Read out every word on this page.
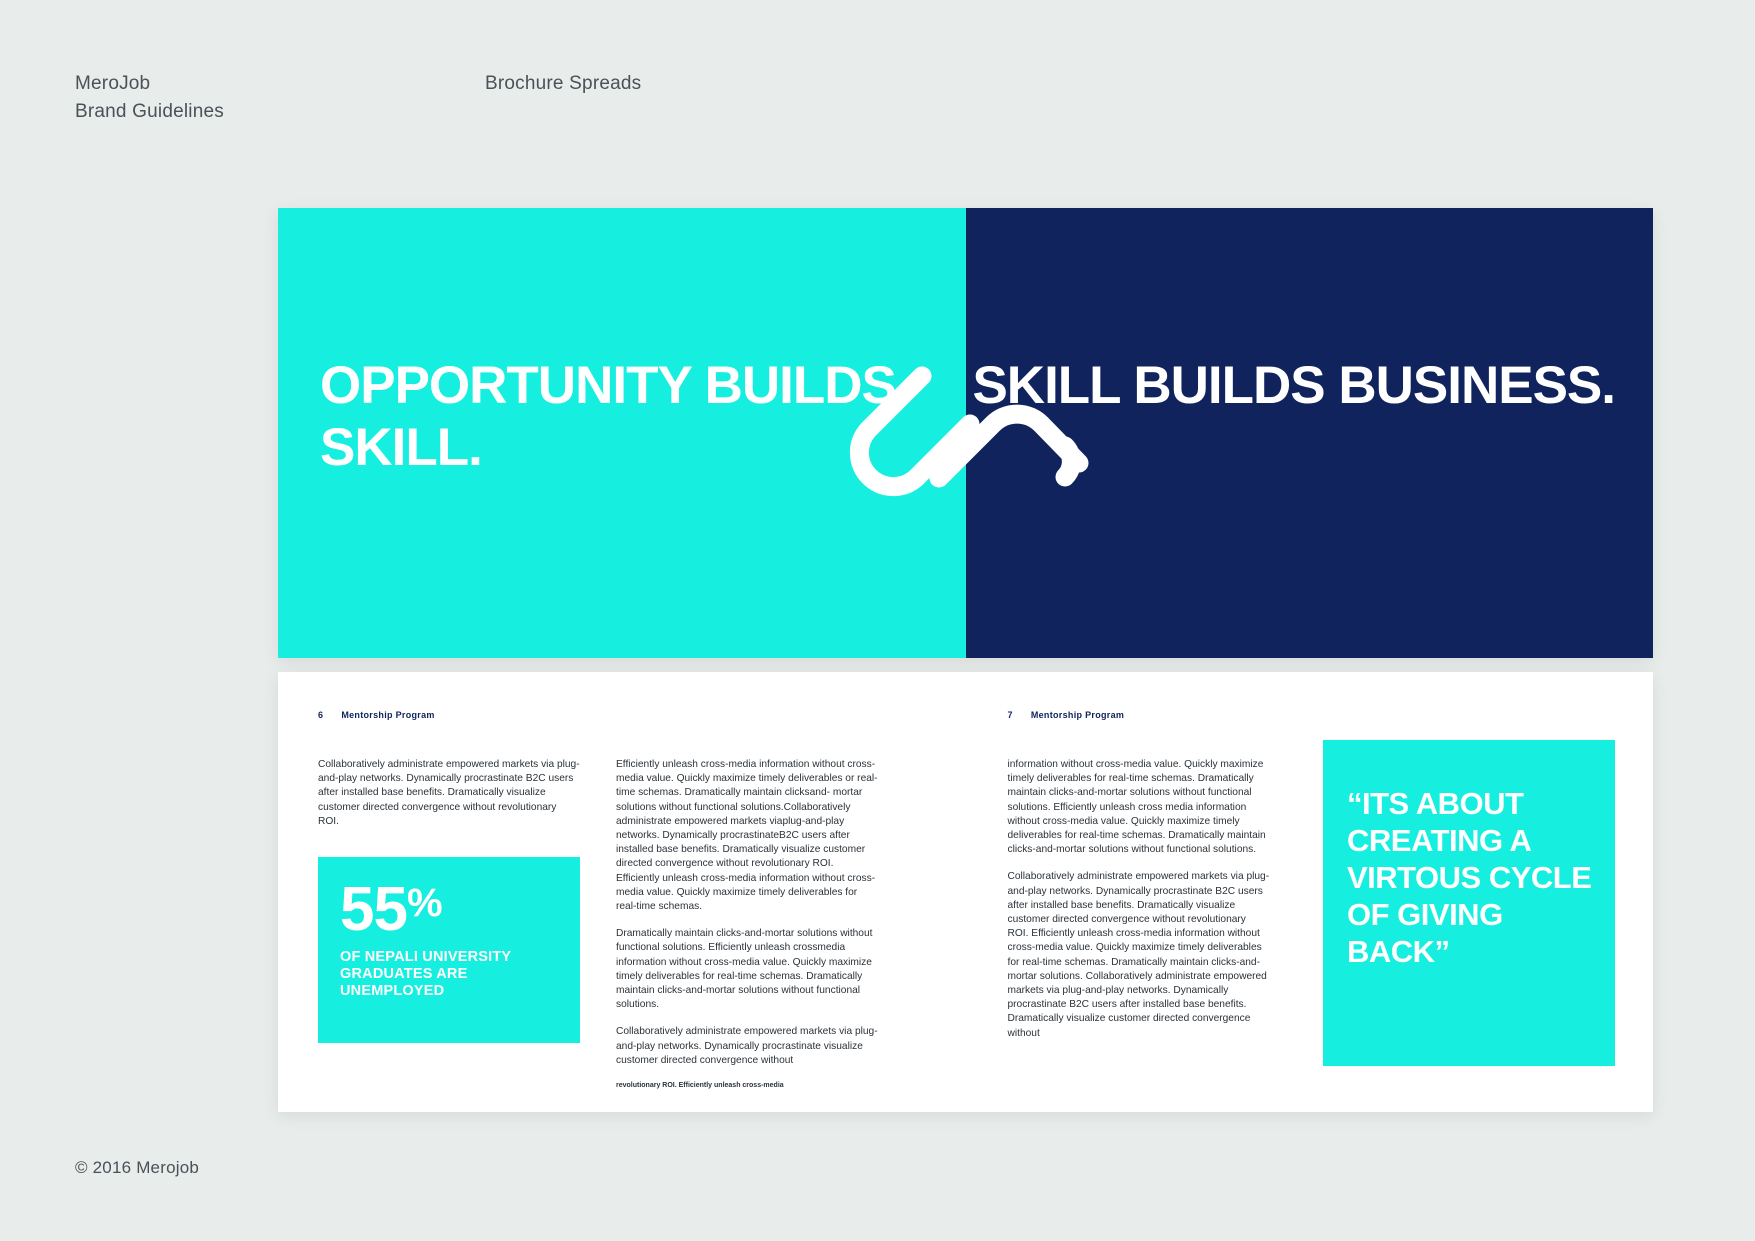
MeroJob
Brand Guidelines
Brochure Spreads
OPPORTUNITY BUILDS SKILL.
SKILL BUILDS BUSINESS.
6 Mentorship Program

Collaboratively administrate empowered markets via plug-and-play networks. Dynamically procrastinate B2C users after installed base benefits. Dramatically visualize customer directed convergence without revolutionary ROI.

55%
OF NEPALI UNIVERSITY GRADUATES ARE UNEMPLOYED

Efficiently unleash cross-media information without cross-media value. Quickly maximize timely deliverables or real-time schemas. Dramatically maintain clicksand- mortar solutions without functional solutions.Collaboratively administrate empowered markets viaplug-and-play networks. Dynamically procrastinateB2C users after installed base benefits. Dramatically visualize customer directed convergence without revolutionary ROI. Efficiently unleash cross-media information without cross-media value. Quickly maximize timely deliverables for real-time schemas.

Dramatically maintain clicks-and-mortar solutions without functional solutions. Efficiently unleash crossmedia information without cross-media value. Quickly maximize timely deliverables for real-time schemas. Dramatically maintain clicks-and-mortar solutions without functional solutions.

Collaboratively administrate empowered markets via plug-and-play networks. Dynamically procrastinate visualize customer directed convergence without

revolutionary ROI. Efficiently unleash cross-media
7 Mentorship Program

information without cross-media value. Quickly maximize timely deliverables for real-time schemas. Dramatically maintain clicks-and-mortar solutions without functional solutions. Efficiently unleash cross media information without cross-media value. Quickly maximize timely deliverables for real-time schemas. Dramatically maintain clicks-and-mortar solutions without functional solutions.

Collaboratively administrate empowered markets via plug-and-play networks. Dynamically procrastinate B2C users after installed base benefits. Dramatically visualize customer directed convergence without revolutionary ROI. Efficiently unleash cross-media information without cross-media value. Quickly maximize timely deliverables for real-time schemas. Dramatically maintain clicks-and-mortar solutions. Collaboratively administrate empowered markets via plug-and-play networks. Dynamically procrastinate B2C users after installed base benefits. Dramatically visualize customer directed convergence without

“ITS ABOUT CREATING A VIRTOUS CYCLE OF GIVING BACK”
© 2016 Merojob
